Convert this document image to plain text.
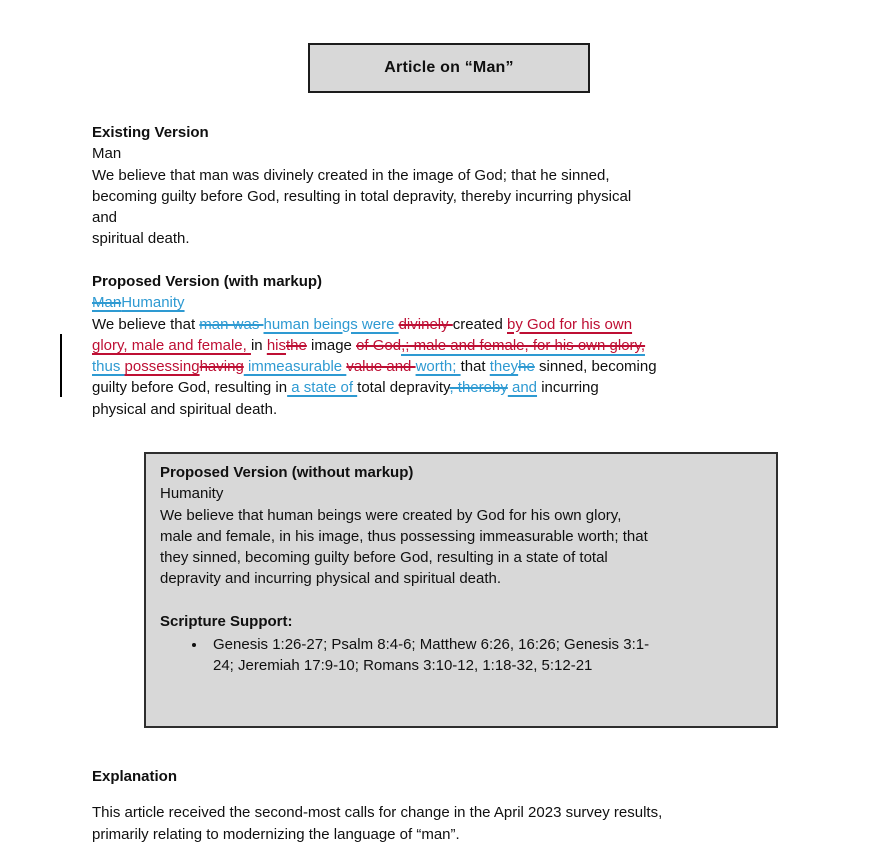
Article on “Man”
Existing Version
Man
We believe that man was divinely created in the image of God; that he sinned,
becoming guilty before God, resulting in total depravity, thereby incurring physical
and
spiritual death.
Proposed Version (with markup)
ManHumanity
We believe that man was human beings were divinely created by God for his own
glory, male and female, in histhe image of God,; male and female, for his own glory,
thus possessinghaving immeasurable value and worth; that theyhe sinned, becoming
guilty before God, resulting in a state of total depravity, thereby and incurring
physical and spiritual death.
Proposed Version (without markup)
Humanity
We believe that human beings were created by God for his own glory,
male and female, in his image, thus possessing immeasurable worth; that
they sinned, becoming guilty before God, resulting in a state of total
depravity and incurring physical and spiritual death.
Scripture Support:
• Genesis 1:26-27; Psalm 8:4-6; Matthew 6:26, 16:26; Genesis 3:1-
24; Jeremiah 17:9-10; Romans 3:10-12, 1:18-32, 5:12-21
Explanation
This article received the second-most calls for change in the April 2023 survey results,
primarily relating to modernizing the language of “man”.
